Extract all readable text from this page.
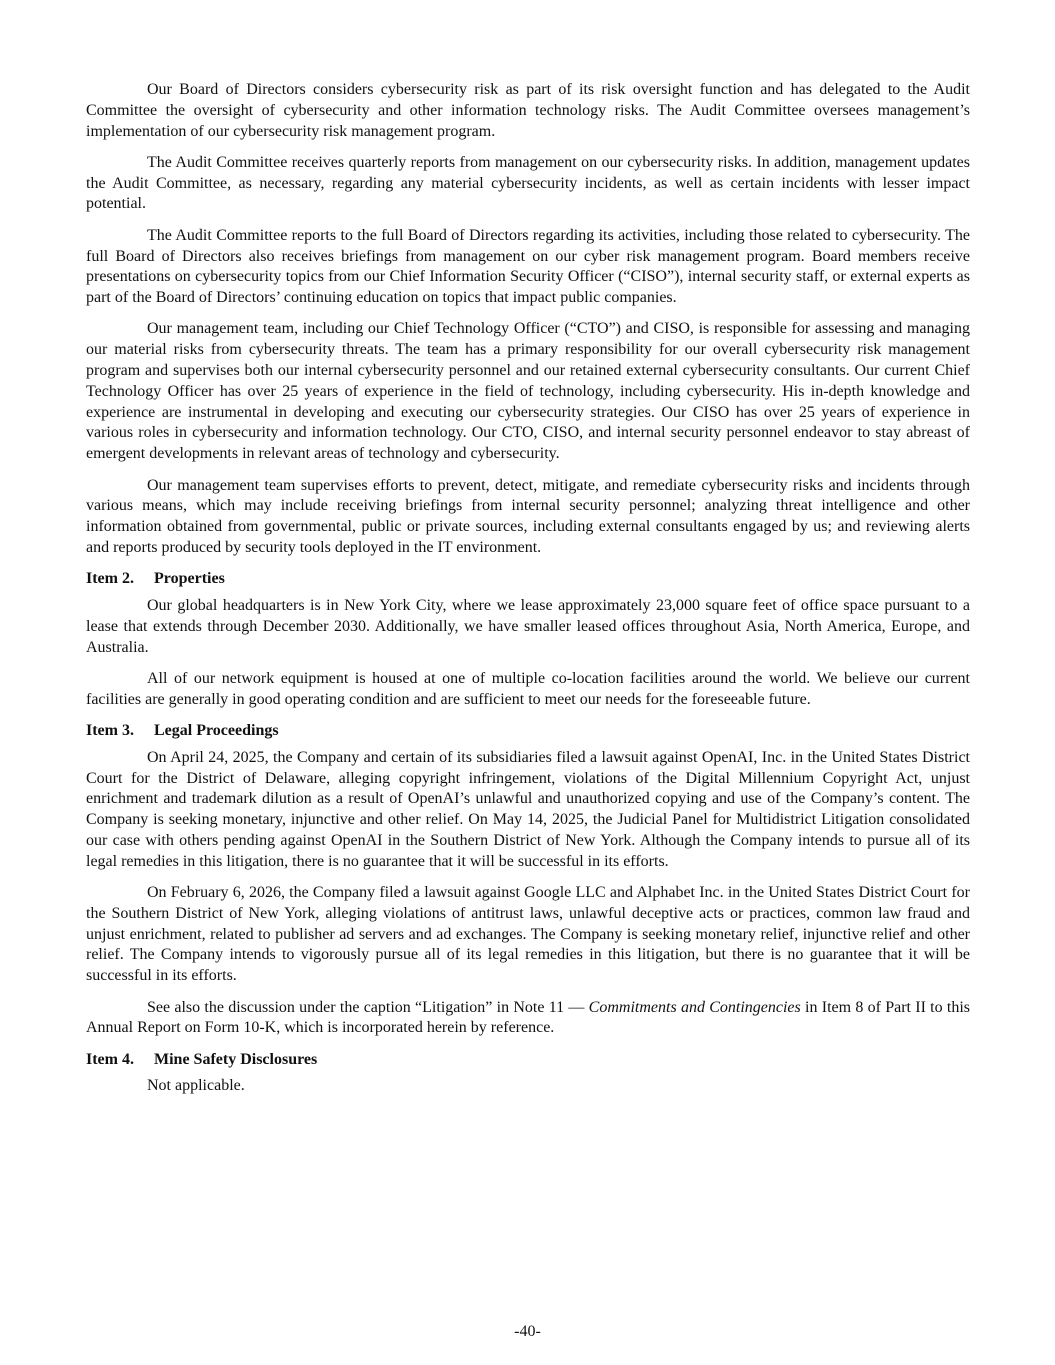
Our Board of Directors considers cybersecurity risk as part of its risk oversight function and has delegated to the Audit Committee the oversight of cybersecurity and other information technology risks. The Audit Committee oversees management’s implementation of our cybersecurity risk management program.

The Audit Committee receives quarterly reports from management on our cybersecurity risks. In addition, management updates the Audit Committee, as necessary, regarding any material cybersecurity incidents, as well as certain incidents with lesser impact potential.

The Audit Committee reports to the full Board of Directors regarding its activities, including those related to cybersecurity. The full Board of Directors also receives briefings from management on our cyber risk management program. Board members receive presentations on cybersecurity topics from our Chief Information Security Officer (“CISO”), internal security staff, or external experts as part of the Board of Directors’ continuing education on topics that impact public companies.

Our management team, including our Chief Technology Officer (“CTO”) and CISO, is responsible for assessing and managing our material risks from cybersecurity threats. The team has a primary responsibility for our overall cybersecurity risk management program and supervises both our internal cybersecurity personnel and our retained external cybersecurity consultants. Our current Chief Technology Officer has over 25 years of experience in the field of technology, including cybersecurity. His in-depth knowledge and experience are instrumental in developing and executing our cybersecurity strategies. Our CISO has over 25 years of experience in various roles in cybersecurity and information technology. Our CTO, CISO, and internal security personnel endeavor to stay abreast of emergent developments in relevant areas of technology and cybersecurity.

Our management team supervises efforts to prevent, detect, mitigate, and remediate cybersecurity risks and incidents through various means, which may include receiving briefings from internal security personnel; analyzing threat intelligence and other information obtained from governmental, public or private sources, including external consultants engaged by us; and reviewing alerts and reports produced by security tools deployed in the IT environment.

Item 2.	Properties

Our global headquarters is in New York City, where we lease approximately 23,000 square feet of office space pursuant to a lease that extends through December 2030. Additionally, we have smaller leased offices throughout Asia, North America, Europe, and Australia.

All of our network equipment is housed at one of multiple co-location facilities around the world. We believe our current facilities are generally in good operating condition and are sufficient to meet our needs for the foreseeable future.

Item 3.	Legal Proceedings

On April 24, 2025, the Company and certain of its subsidiaries filed a lawsuit against OpenAI, Inc. in the United States District Court for the District of Delaware, alleging copyright infringement, violations of the Digital Millennium Copyright Act, unjust enrichment and trademark dilution as a result of OpenAI’s unlawful and unauthorized copying and use of the Company’s content. The Company is seeking monetary, injunctive and other relief. On May 14, 2025, the Judicial Panel for Multidistrict Litigation consolidated our case with others pending against OpenAI in the Southern District of New York. Although the Company intends to pursue all of its legal remedies in this litigation, there is no guarantee that it will be successful in its efforts.

On February 6, 2026, the Company filed a lawsuit against Google LLC and Alphabet Inc. in the United States District Court for the Southern District of New York, alleging violations of antitrust laws, unlawful deceptive acts or practices, common law fraud and unjust enrichment, related to publisher ad servers and ad exchanges. The Company is seeking monetary relief, injunctive relief and other relief. The Company intends to vigorously pursue all of its legal remedies in this litigation, but there is no guarantee that it will be successful in its efforts.

See also the discussion under the caption “Litigation” in Note 11 — Commitments and Contingencies in Item 8 of Part II to this Annual Report on Form 10-K, which is incorporated herein by reference.

Item 4.	Mine Safety Disclosures

Not applicable.

-40-
